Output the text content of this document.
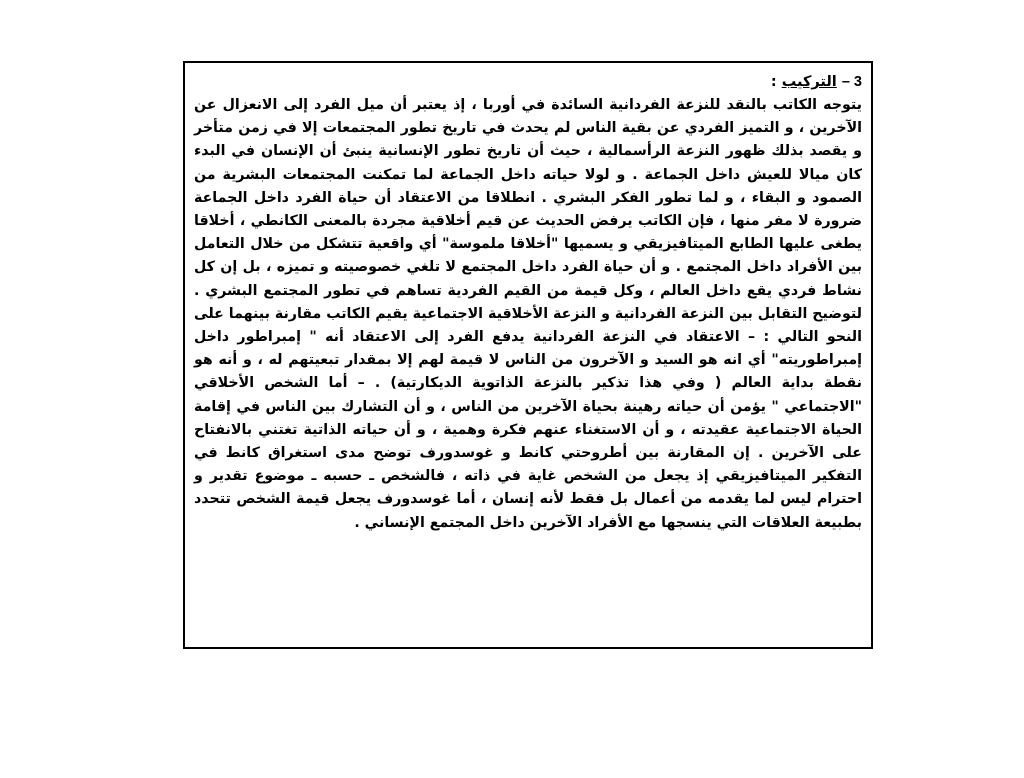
3 – التركيب :

يتوجه الكاتب بالنقد للنزعة الفردانية السائدة في أوربا ، إذ يعتبر أن ميل الفرد إلى الانعزال عن الآخرين ، و التميز الفردي عن بقية الناس لم يحدث في تاريخ تطور المجتمعات إلا في زمن متأخر و يقصد بذلك ظهور النزعة الرأسمالية ، حيث أن تاريخ تطور الإنسانية ينبئ أن الإنسان في البدء كان ميالا للعيش داخل الجماعة . و لولا حياته داخل الجماعة لما تمكنت المجتمعات البشرية من الصمود و البقاء ، و لما تطور الفكر البشري . انطلاقا من الاعتقاد أن حياة الفرد داخل الجماعة ضرورة لا مفر منها ، فإن الكاتب يرفض الحديث عن قيم أخلاقية مجردة بالمعنى الكانطي ، أخلاقا يطغى عليها الطابع الميتافيزيقي و يسميها "أخلاقا ملموسة" أي واقعية تتشكل من خلال التعامل بين الأفراد داخل المجتمع . و أن حياة الفرد داخل المجتمع لا تلغي خصوصيته و تميزه ، بل إن كل نشاط فردي يقع داخل العالم ، وكل قيمة من القيم الفردية تساهم في تطور المجتمع البشري . لتوضيح التقابل بين النزعة الفردانية و النزعة الأخلاقية الاجتماعية يقيم الكاتب مقارنة بينهما على النحو التالي : – الاعتقاد في النزعة الفردانية يدفع الفرد إلى الاعتقاد أنه " إمبراطور داخل إمبراطوريته" أي انه هو السيد و الآخرون من الناس لا قيمة لهم إلا بمقدار تبعيتهم له ، و أنه هو نقطة بداية العالم ( وفي هذا تذكير بالنزعة الذاتوية الديكارتية) . – أما الشخص الأخلاقي "الاجتماعي " يؤمن أن حياته رهينة بحياة الآخرين من الناس ، و أن التشارك بين الناس في إقامة الحياة الاجتماعية عقيدته ، و أن الاستغناء عنهم فكرة وهمية ، و أن حياته الذاتية تغتني بالانفتاح على الآخرين . إن المقارنة بين أطروحتي كانط و غوسدورف توضح مدى استغراق كانط في التفكير الميتافيزيقي إذ يجعل من الشخص غاية في ذاته ، فالشخص ـ حسبه ـ موضوع تقدير و احترام ليس لما يقدمه من أعمال بل فقط لأنه إنسان ، أما غوسدورف يجعل قيمة الشخص تتحدد بطبيعة العلاقات التي ينسجها مع الأفراد الآخرين داخل المجتمع الإنساني .
